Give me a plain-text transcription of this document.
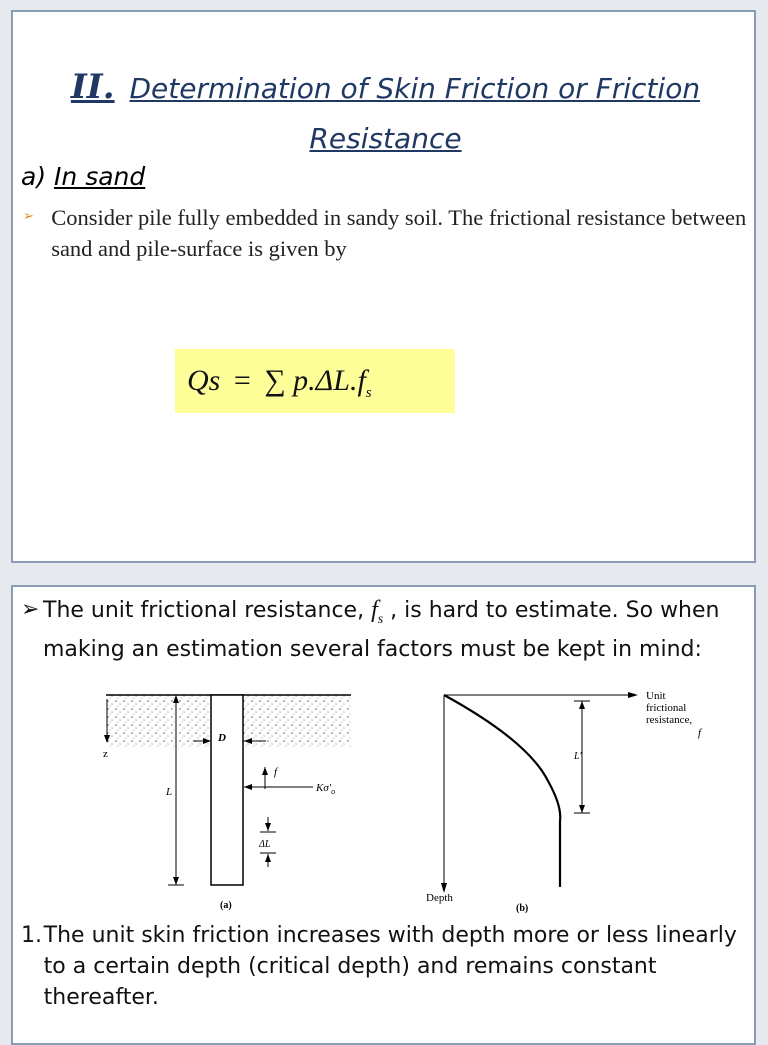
II. Determination of Skin Friction or Friction Resistance
a) In sand
➢ Consider pile fully embedded in sandy soil. The frictional resistance between sand and pile-surface is given by
Qs = ∑ $p.\Delta L.f_s$
➢ The unit frictional resistance, $f_s$ , is hard to estimate. So when making an estimation several factors must be kept in mind:
z
L
D
f
$K\sigma'_o$
ΔL
(a)
L′
Unit
frictional
resistance,
f
Depth
(b)
1. The unit skin friction increases with depth more or less linearly to a certain depth (critical depth) and remains constant thereafter.
